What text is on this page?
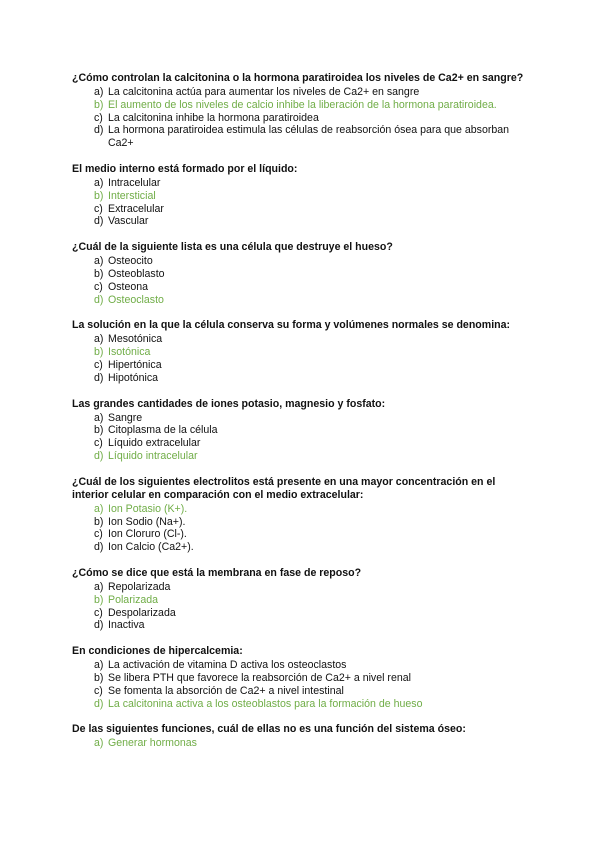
¿Cómo controlan la calcitonina o la hormona paratiroidea los niveles de Ca2+ en sangre?
a) La calcitonina actúa para aumentar los niveles de Ca2+ en sangre
b) El aumento de los niveles de calcio inhibe la liberación de la hormona paratiroidea.
c) La calcitonina inhibe la hormona paratiroidea
d) La hormona paratiroidea estimula las células de reabsorción ósea para que absorban Ca2+
El medio interno está formado por el líquido:
a) Intracelular
b) Intersticial
c) Extracelular
d) Vascular
¿Cuál de la siguiente lista es una célula que destruye el hueso?
a) Osteocito
b) Osteoblasto
c) Osteona
d) Osteoclasto
La solución en la que la célula conserva su forma y volúmenes normales se denomina:
a) Mesotónica
b) Isotónica
c) Hipertónica
d) Hipotónica
Las grandes cantidades de iones potasio, magnesio y fosfato:
a) Sangre
b) Citoplasma de la célula
c) Líquido extracelular
d) Líquido intracelular
¿Cuál de los siguientes electrolitos está presente en una mayor concentración en el interior celular en comparación con el medio extracelular:
a) Ion Potasio (K+).
b) Ion Sodio (Na+).
c) Ion Cloruro (Cl-).
d) Ion Calcio (Ca2+).
¿Cómo se dice que está la membrana en fase de reposo?
a) Repolarizada
b) Polarizada
c) Despolarizada
d) Inactiva
En condiciones de hipercalcemia:
a) La activación de vitamina D activa los osteoclastos
b) Se libera PTH que favorece la reabsorción de Ca2+ a nivel renal
c) Se fomenta la absorción de Ca2+ a nivel intestinal
d) La calcitonina activa a los osteoblastos para la formación de hueso
De las siguientes funciones, cuál de ellas no es una función del sistema óseo:
a) Generar hormonas
